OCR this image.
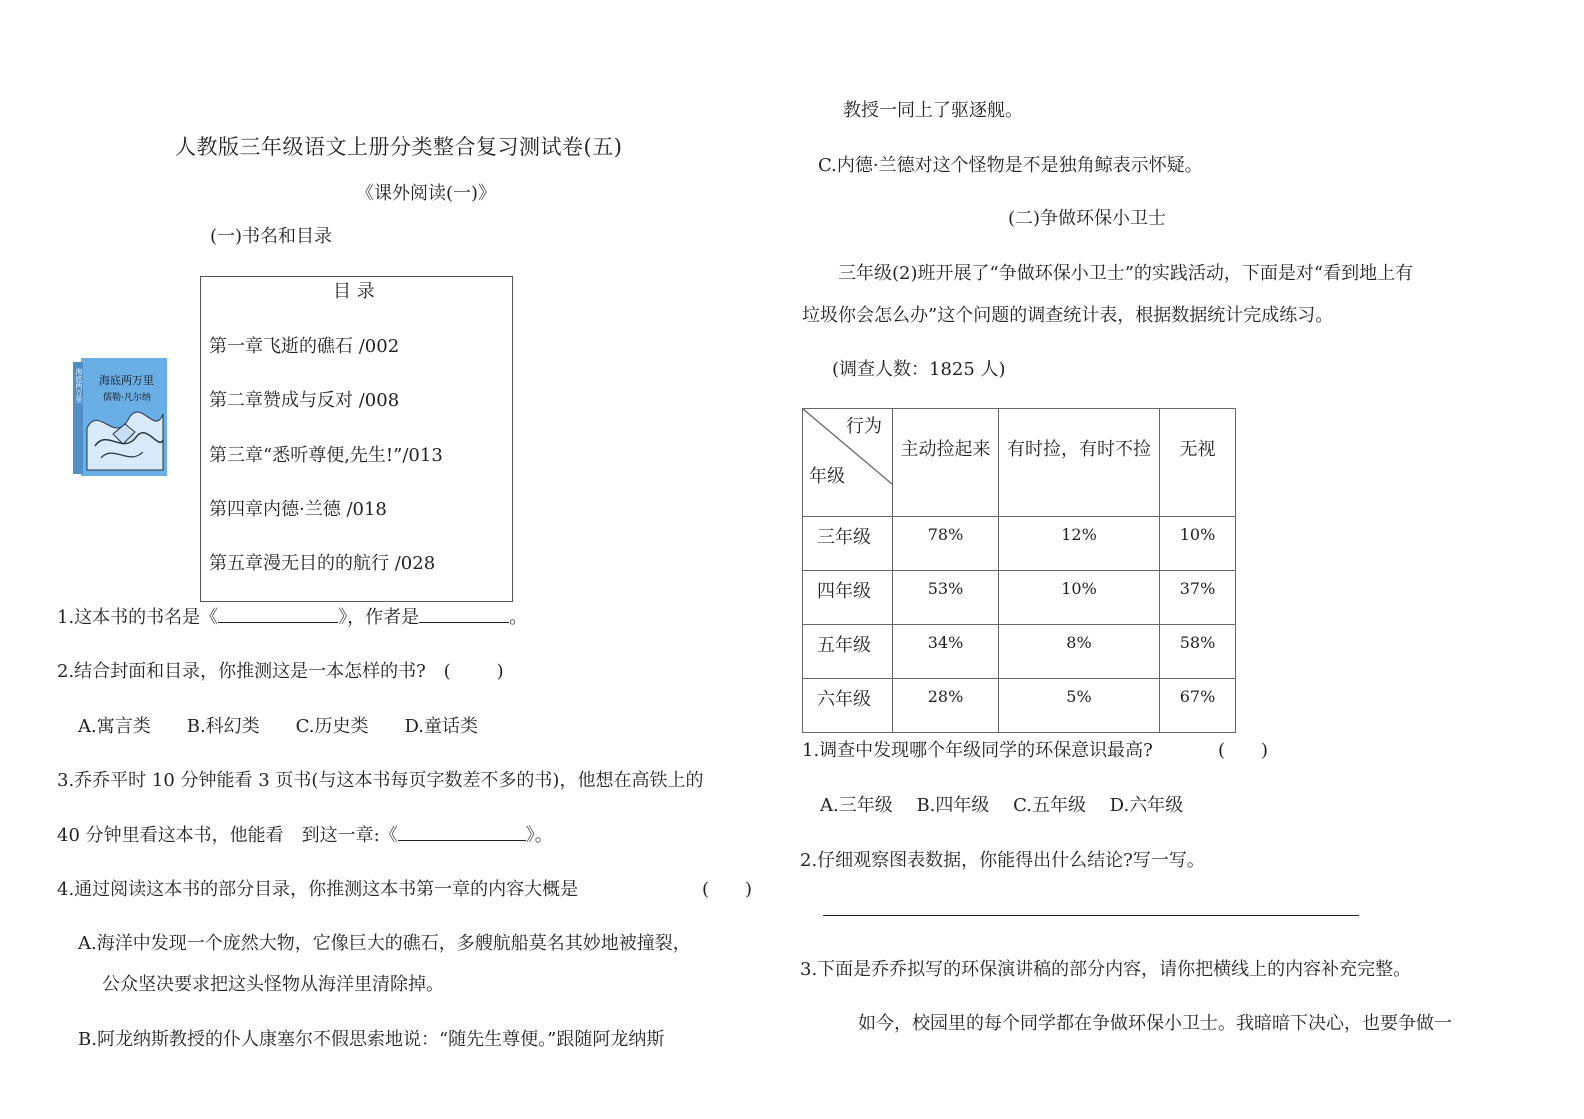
人教版三年级语文上册分类整合复习测试卷(五)
《课外阅读(一)》
(一)书名和目录
海底两万里
儒勒·凡尔纳
海底两万里
目 录
第一章飞逝的礁石 /002
第二章赞成与反对 /008
第三章“悉听尊便,先生!”/013
第四章内德·兰德 /018
第五章漫无目的的航行 /028
1.这本书的书名是《	》，作者是	。
2.结合封面和目录，你推测这是一本怎样的书? (	)
A.寓言类　　B.科幻类　　C.历史类　　D.童话类
3.乔乔平时 10 分钟能看 3 页书(与这本书每页字数差不多的书)，他想在高铁上的
40 分钟里看这本书，他能看　到这一章:《	》。
4.通过阅读这本书的部分目录，你推测这本书第一章的内容大概是	(　　)
A.海洋中发现一个庞然大物，它像巨大的礁石，多艘航船莫名其妙地被撞裂，
公众坚决要求把这头怪物从海洋里清除掉。
B.阿龙纳斯教授的仆人康塞尔不假思索地说：“随先生尊便。”跟随阿龙纳斯
教授一同上了驱逐舰。
C.内德·兰德对这个怪物是不是独角鲸表示怀疑。
(二)争做环保小卫士
三年级(2)班开展了“争做环保小卫士”的实践活动，下面是对“看到地上有
垃圾你会怎么办”这个问题的调查统计表，根据数据统计完成练习。
(调查人数：1825 人)
行为
年级	主动捡起来	有时捡，有时不捡	无视

三年级	78%	12%	10%

四年级	53%	10%	37%

五年级	34%	8%	58%

六年级	28%	5%	67%
1.调查中发现哪个年级同学的环保意识最高?	(　　)
A.三年级　 B.四年级　 C.五年级　 D.六年级
2.仔细观察图表数据，你能得出什么结论?写一写。
3.下面是乔乔拟写的环保演讲稿的部分内容，请你把横线上的内容补充完整。
如今，校园里的每个同学都在争做环保小卫士。我暗暗下决心，也要争做一
